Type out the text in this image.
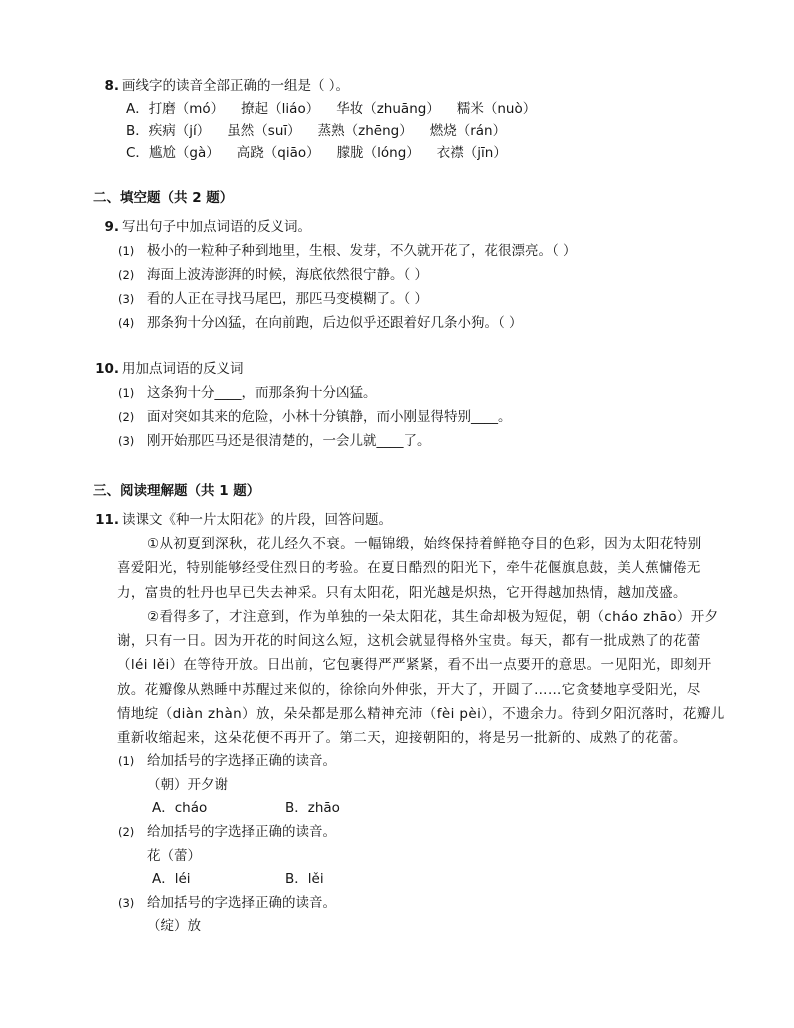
8. 画线字的读音全部正确的一组是（ ）。
A．打磨（mó） 撩起（liáo） 华妆（zhuāng） 糯米（nuò）
B．疾病（jí） 虽然（suī） 蒸熟（zhēng） 燃烧（rán）
C．尴尬（gà） 高跷（qiāo） 朦胧（lóng） 衣襟（jīn）
二、填空题（共 2 题）
9. 写出句子中加点词语的反义词。
(1) 极小的一粒种子种到地里，生根、发芽，不久就开花了，花很漂亮。（ ）
(2) 海面上波涛澎湃的时候，海底依然很宁静。（ ）
(3) 看的人正在寻找马尾巴，那匹马变模糊了。（ ）
(4) 那条狗十分凶猛，在向前跑，后边似乎还跟着好几条小狗。（ ）
10. 用加点词语的反义词
(1) 这条狗十分____，而那条狗十分凶猛。
(2) 面对突如其来的危险，小林十分镇静，而小刚显得特别____。
(3) 刚开始那匹马还是很清楚的，一会儿就____了。
三、阅读理解题（共 1 题）
11. 读课文《种一片太阳花》的片段，回答问题。
①从初夏到深秋，花儿经久不衰。一幅锦缎，始终保持着鲜艳夺目的色彩，因为太阳花特别
喜爱阳光，特别能够经受住烈日的考验。在夏日酷烈的阳光下，牵牛花偃旗息鼓，美人蕉慵倦无
力，富贵的牡丹也早已失去神采。只有太阳花，阳光越是炽热，它开得越加热情，越加茂盛。
②看得多了，才注意到，作为单独的一朵太阳花，其生命却极为短促，朝（cháo zhāo）开夕
谢，只有一日。因为开花的时间这么短，这机会就显得格外宝贵。每天，都有一批成熟了的花蕾
（léi lěi）在等待开放。日出前，它包裹得严严紧紧，看不出一点要开的意思。一见阳光，即刻开
放。花瓣像从熟睡中苏醒过来似的，徐徐向外伸张，开大了，开圆了……它贪婪地享受阳光，尽
情地绽（diàn zhàn）放，朵朵都是那么精神充沛（fèi pèi），不遗余力。待到夕阳沉落时，花瓣儿
重新收缩起来，这朵花便不再开了。第二天，迎接朝阳的，将是另一批新的、成熟了的花蕾。
(1) 给加括号的字选择正确的读音。
（朝）开夕谢
A．cháo	B．zhāo
(2) 给加括号的字选择正确的读音。
花（蕾）
A．léi	B．lěi
(3) 给加括号的字选择正确的读音。
（绽）放
